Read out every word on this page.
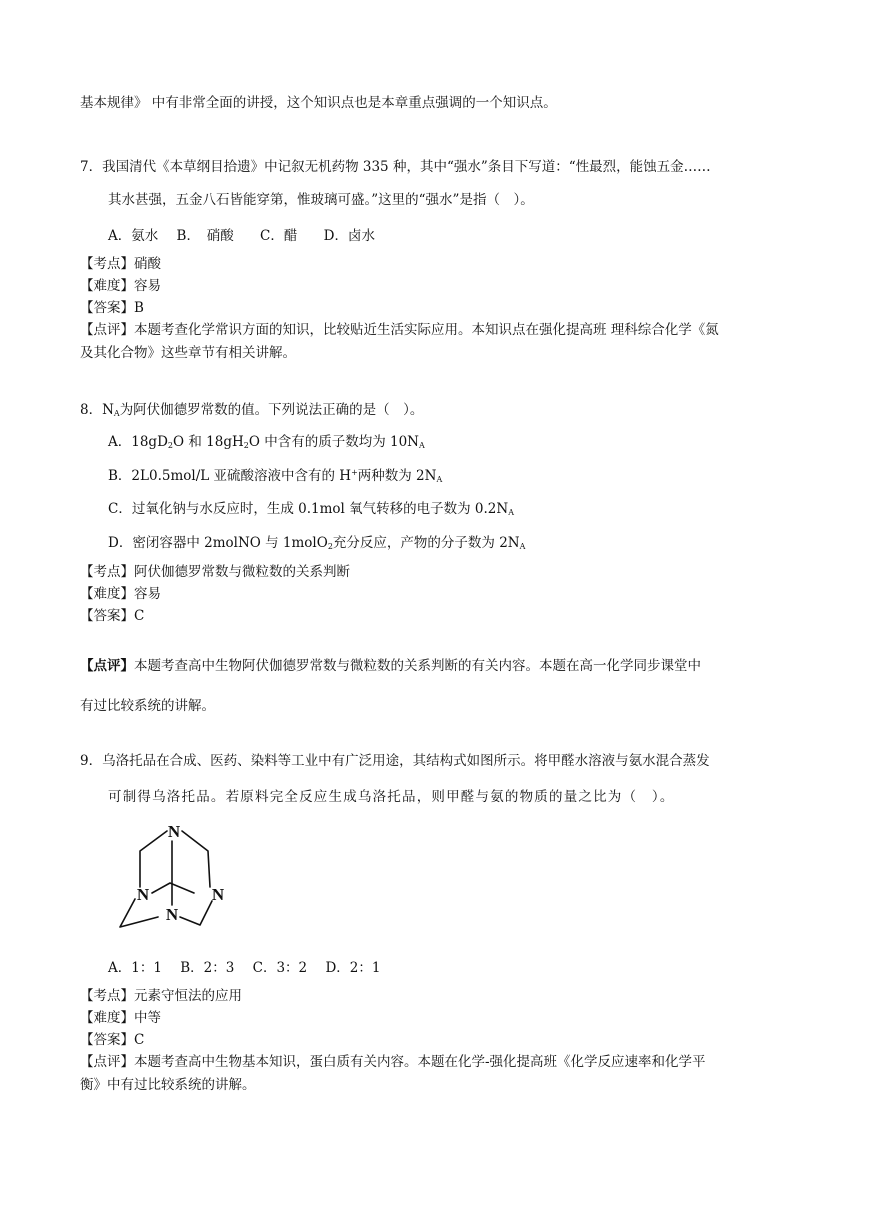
基本规律》 中有非常全面的讲授，这个知识点也是本章重点强调的一个知识点。
7．我国清代《本草纲目拾遗》中记叙无机药物 335 种，其中“强水”条目下写道：“性最烈，能蚀五金……
其水甚强，五金八石皆能穿第，惟玻璃可盛。”这里的“强水”是指（　）。
A．氨水 B．　硝酸 C．醋 D．卤水
【考点】硝酸
【难度】容易
【答案】B
【点评】本题考查化学常识方面的知识，比较贴近生活实际应用。本知识点在强化提高班 理科综合化学《氮
及其化合物》这些章节有相关讲解。
8．$N_A$为阿伏伽德罗常数的值。下列说法正确的是（　）。
A．$18gD_2O$ 和 $18gH_2O$ 中含有的质子数均为 $10N_A$
B．2L0.5mol/L 亚硫酸溶液中含有的 H+两种数为 $2N_A$
C．过氧化钠与水反应时，生成 0.1mol 氧气转移的电子数为 $0.2N_A$
D．密闭容器中 2molNO 与 1molO$_2$充分反应，产物的分子数为 $2N_A$
【考点】阿伏伽德罗常数与微粒数的关系判断
【难度】容易
【答案】C
【点评】本题考查高中生物阿伏伽德罗常数与微粒数的关系判断的有关内容。本题在高一化学同步课堂中
有过比较系统的讲解。
9．乌洛托品在合成、医药、染料等工业中有广泛用途，其结构式如图所示。将甲醛水溶液与氨水混合蒸发
可制得乌洛托品。若原料完全反应生成乌洛托品，则甲醛与氨的物质的量之比为（　）。
N
N	N
N
A．1：1 B．2：3 C．3：2 D．2：1
【考点】元素守恒法的应用
【难度】中等
【答案】C
【点评】本题考查高中生物基本知识，蛋白质有关内容。本题在化学-强化提高班《化学反应速率和化学平
衡》中有过比较系统的讲解。
